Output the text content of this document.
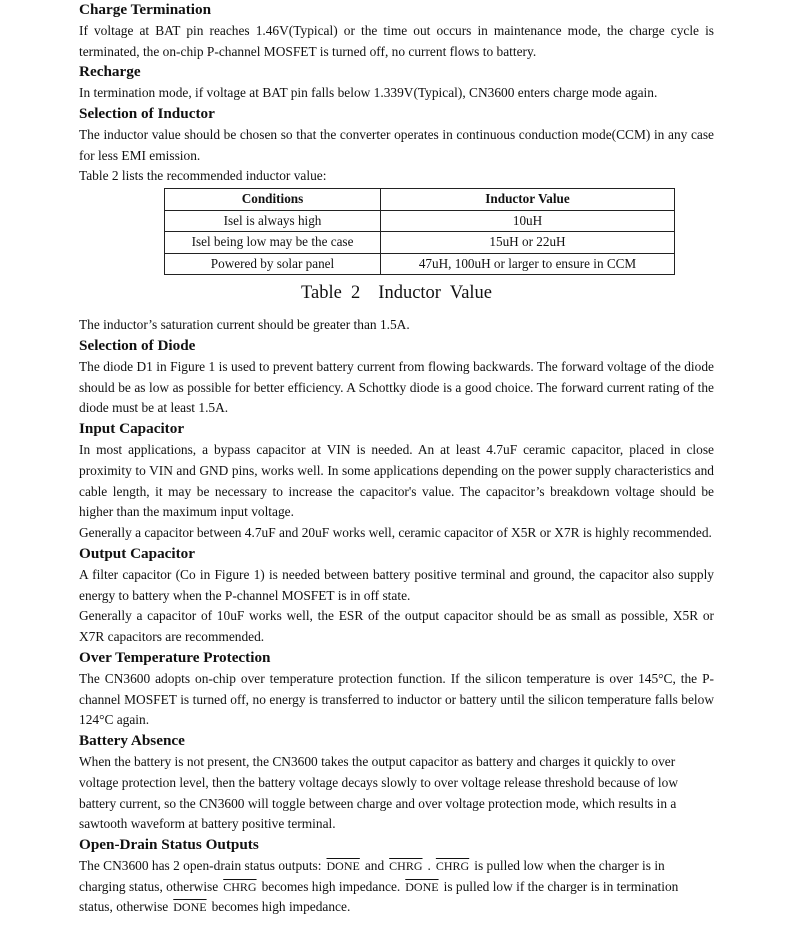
Charge Termination

If voltage at BAT pin reaches 1.46V(Typical) or the time out occurs in maintenance mode, the charge cycle is terminated, the on-chip P-channel MOSFET is turned off, no current flows to battery.

Recharge

In termination mode, if voltage at BAT pin falls below 1.339V(Typical), CN3600 enters charge mode again.

Selection of Inductor

The inductor value should be chosen so that the converter operates in continuous conduction mode(CCM) in any case for less EMI emission.

Table 2 lists the recommended inductor value:

Conditions	Inductor Value
Isel is always high	10uH
Isel being low may be the case	15uH or 22uH
Powered by solar panel	47uH, 100uH or larger to ensure in CCM
Table 2 Inductor Value

The inductor’s saturation current should be greater than 1.5A.

Selection of Diode

The diode D1 in Figure 1 is used to prevent battery current from flowing backwards. The forward voltage of the diode should be as low as possible for better efficiency. A Schottky diode is a good choice. The forward current rating of the diode must be at least 1.5A.

Input Capacitor

In most applications, a bypass capacitor at VIN is needed. An at least 4.7uF ceramic capacitor, placed in close proximity to VIN and GND pins, works well. In some applications depending on the power supply characteristics and cable length, it may be necessary to increase the capacitor's value. The capacitor’s breakdown voltage should be higher than the maximum input voltage.

Generally a capacitor between 4.7uF and 20uF works well, ceramic capacitor of X5R or X7R is highly recommended.

Output Capacitor

A filter capacitor (Co in Figure 1) is needed between battery positive terminal and ground, the capacitor also supply energy to battery when the P-channel MOSFET is in off state.

Generally a capacitor of 10uF works well, the ESR of the output capacitor should be as small as possible, X5R or X7R capacitors are recommended.

Over Temperature Protection

The CN3600 adopts on-chip over temperature protection function. If the silicon temperature is over 145°C, the P-channel MOSFET is turned off, no energy is transferred to inductor or battery until the silicon temperature falls below 124°C again.

Battery Absence

When the battery is not present, the CN3600 takes the output capacitor as battery and charges it quickly to over voltage protection level, then the battery voltage decays slowly to over voltage release threshold because of low battery current, so the CN3600 will toggle between charge and over voltage protection mode, which results in a sawtooth waveform at battery positive terminal.

Open-Drain Status Outputs

The CN3600 has 2 open-drain status outputs: DONE and CHRG . CHRG is pulled low when the charger is in charging status, otherwise CHRG becomes high impedance. DONE is pulled low if the charger is in termination status, otherwise DONE becomes high impedance.
